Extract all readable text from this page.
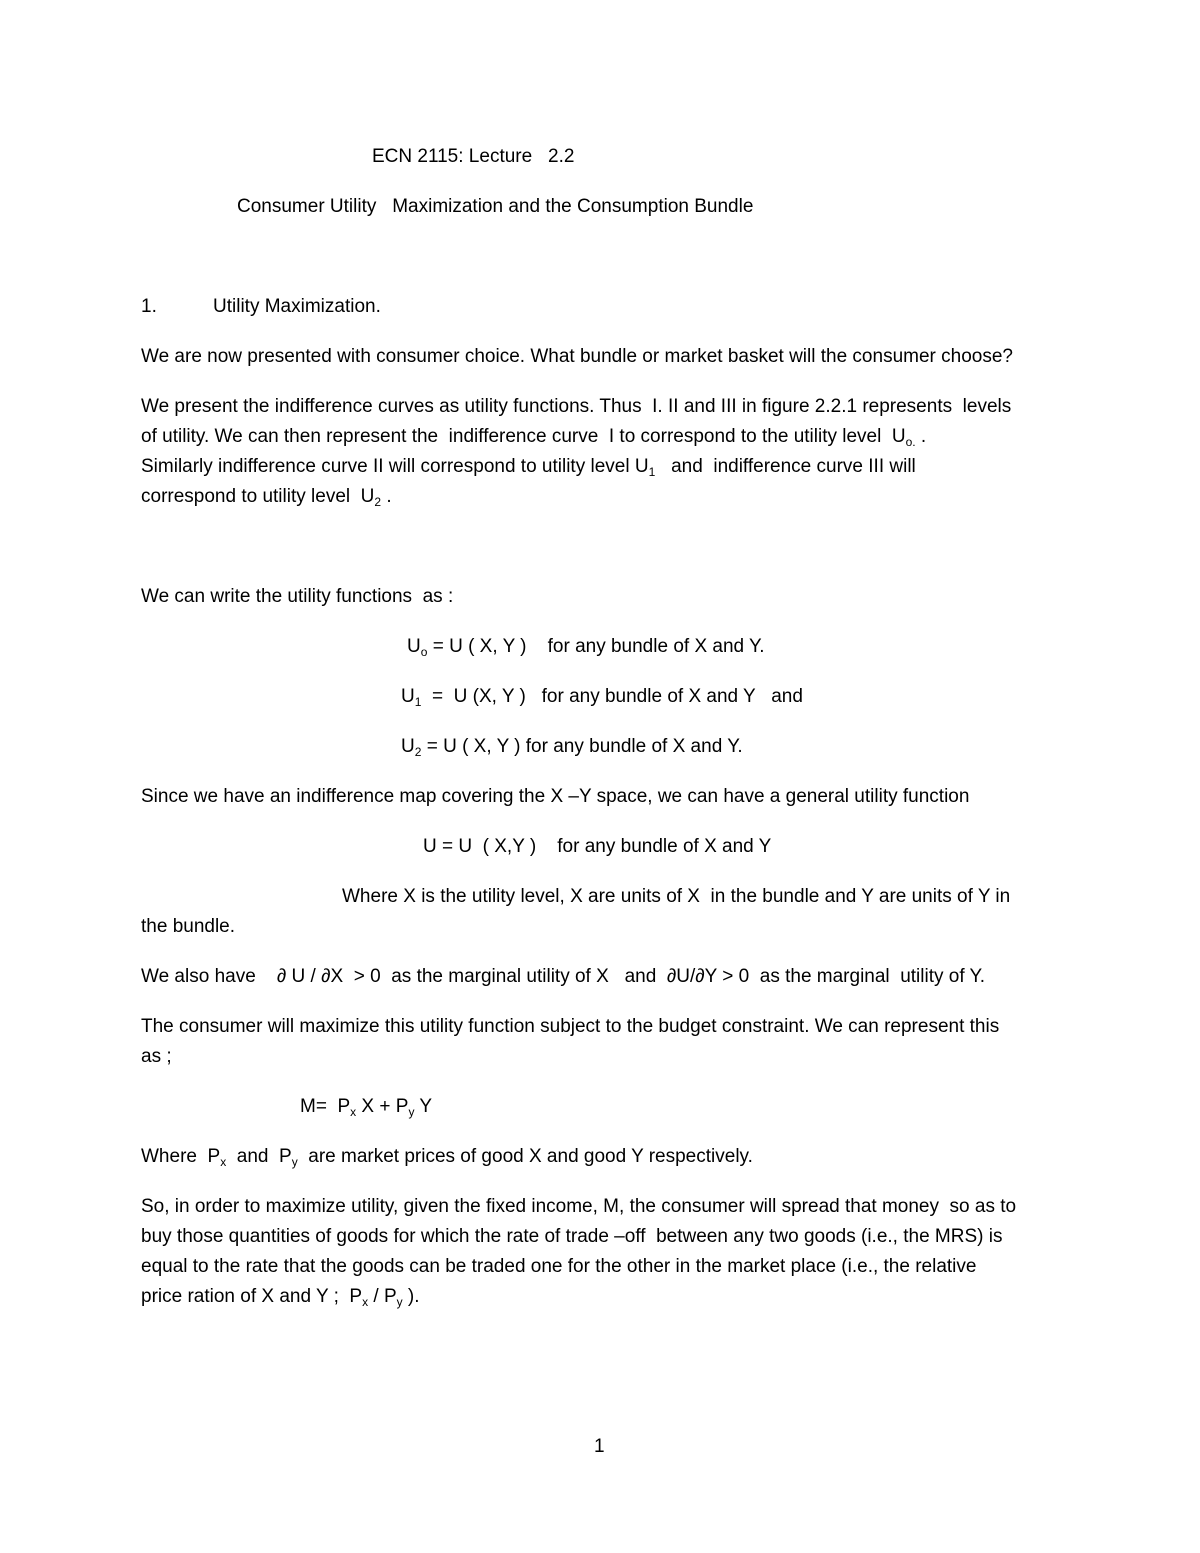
ECN 2115: Lecture   2.2
Consumer Utility   Maximization and the Consumption Bundle
1.	Utility Maximization.
We are now presented with consumer choice. What bundle or market basket will the consumer choose?
We present the indifference curves as utility functions. Thus  I. II and III in figure 2.2.1 represents  levels
of utility. We can then represent the  indifference curve  I to correspond to the utility level  $U_{o.}$ .
Similarly indifference curve II will correspond to utility level $U_1$   and  indifference curve III will
correspond to utility level  $U_2$ .
We can write the utility functions  as :
$U_o = U$ ( X, Y )    for any bundle of X and Y.
$U_1 = U$ (X, Y )   for any bundle of X and Y   and
$U_2 = U$ ( X, Y ) for any bundle of X and Y.
Since we have an indifference map covering the X –Y space, we can have a general utility function
U = U  ( X,Y )    for any bundle of X and Y
Where X is the utility level, X are units of X  in the bundle and Y are units of Y in
the bundle.
We also have    ∂ U / ∂X  > 0  as the marginal utility of X   and  ∂U/∂Y > 0  as the marginal  utility of Y.
The consumer will maximize this utility function subject to the budget constraint. We can represent this
as ;
$M= P_x$ $X + P_y$ Y
Where  $P_x$  and  $P_y$  are market prices of good X and good Y respectively.
So, in order to maximize utility, given the fixed income, M, the consumer will spread that money  so as to
buy those quantities of goods for which the rate of trade –off  between any two goods (i.e., the MRS) is
equal to the rate that the goods can be traded one for the other in the market place (i.e., the relative
price ration of X and Y ;  $P_x / P_y$ ).
1
